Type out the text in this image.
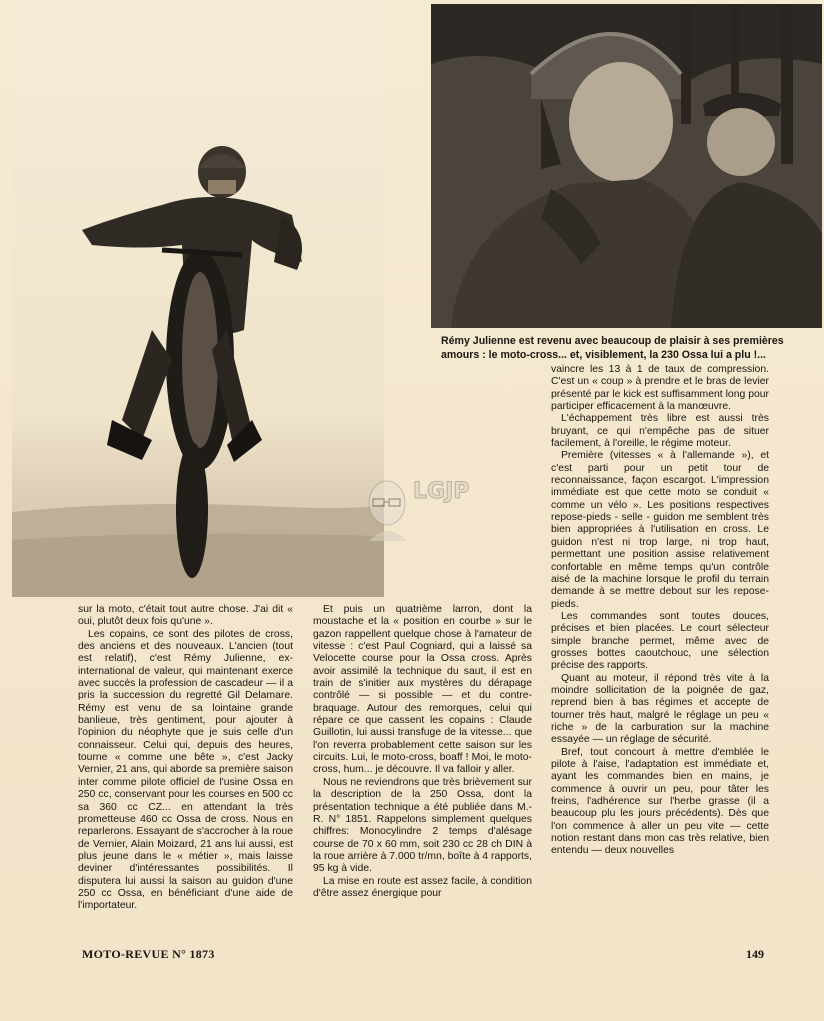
Rémy Julienne est revenu avec beaucoup de plaisir à ses premières amours : le moto-cross... et, visiblement, la 230 Ossa lui a plu !...
LGJP

sur la moto, c'était tout autre chose. J'ai dit « oui, plutôt deux fois qu'une ».

Les copains, ce sont des pilotes de cross, des anciens et des nouveaux. L'ancien (tout est relatif), c'est Rémy Julienne, ex-international de valeur, qui maintenant exerce avec succès la profession de cascadeur — il a pris la succession du regretté Gil Delamare. Rémy est venu de sa lointaine grande banlieue, très gentiment, pour ajouter à l'opinion du néophyte que je suis celle d'un connaisseur. Celui qui, depuis des heures, tourne « comme une bête », c'est Jacky Vernier, 21 ans, qui aborde sa première saison inter comme pilote officiel de l'usine Ossa en 250 cc, conservant pour les courses en 500 cc sa 360 cc CZ... en attendant la très prometteuse 460 cc Ossa de cross. Nous en reparlerons. Essayant de s'accrocher à la roue de Vernier, Alain Moizard, 21 ans lui aussi, est plus jeune dans le « métier », mais laisse deviner d'intéressantes possibilités. Il disputera lui aussi la saison au guidon d'une 250 cc Ossa, en bénéficiant d'une aide de l'importateur.

Et puis un quatrième larron, dont la moustache et la « position en courbe » sur le gazon rappellent quelque chose à l'amateur de vitesse : c'est Paul Cogniard, qui a laissé sa Velocette course pour la Ossa cross. Après avoir assimilé la technique du saut, il est en train de s'initier aux mystères du dérapage contrôlé — si possible — et du contre-braquage. Autour des remorques, celui qui répare ce que cassent les copains : Claude Guillotin, lui aussi transfuge de la vitesse... que l'on reverra probablement cette saison sur les circuits. Lui, le moto-cross, boaff ! Moi, le moto-cross, hum... je découvre. Il va falloir y aller.

Nous ne reviendrons que très brièvement sur la description de la 250 Ossa, dont la présentation technique a été publiée dans M.-R. N° 1851. Rappelons simplement quelques chiffres: Monocylindre 2 temps d'alésage course de 70 x 60 mm, soit 230 cc 28 ch DIN à la roue arrière à 7.000 tr/mn, boîte à 4 rapports, 95 kg à vide.

La mise en route est assez facile, à condition d'être assez énergique pour

vaincre les 13 à 1 de taux de compression. C'est un « coup » à prendre et le bras de levier présenté par le kick est suffisamment long pour participer efficacement à la manœuvre.

L'échappement très libre est aussi très bruyant, ce qui n'empêche pas de situer facilement, à l'oreille, le régime moteur.

Première (vitesses « à l'allemande »), et c'est parti pour un petit tour de reconnaissance, façon escargot. L'impression immédiate est que cette moto se conduit « comme un vélo ». Les positions respectives repose-pieds - selle - guidon me semblent très bien appropriées à l'utilisation en cross. Le guidon n'est ni trop large, ni trop haut, permettant une position assise relativement confortable en même temps qu'un contrôle aisé de la machine lorsque le profil du terrain demande à se mettre debout sur les repose-pieds.

Les commandes sont toutes douces, précises et bien placées. Le court sélecteur simple branche permet, même avec de grosses bottes caoutchouc, une sélection précise des rapports.

Quant au moteur, il répond très vite à la moindre sollicitation de la poignée de gaz, reprend bien à bas régimes et accepte de tourner très haut, malgré le réglage un peu « riche » de la carburation sur la machine essayée — un réglage de sécurité.

Bref, tout concourt à mettre d'emblée le pilote à l'aise, l'adaptation est immédiate et, ayant les commandes bien en mains, je commence à ouvrir un peu, pour tâter les freins, l'adhérence sur l'herbe grasse (il a beaucoup plu les jours précédents). Dès que l'on commence à aller un peu vite — cette notion restant dans mon cas très relative, bien entendu — deux nouvelles

MOTO-REVUE N° 1873	149
